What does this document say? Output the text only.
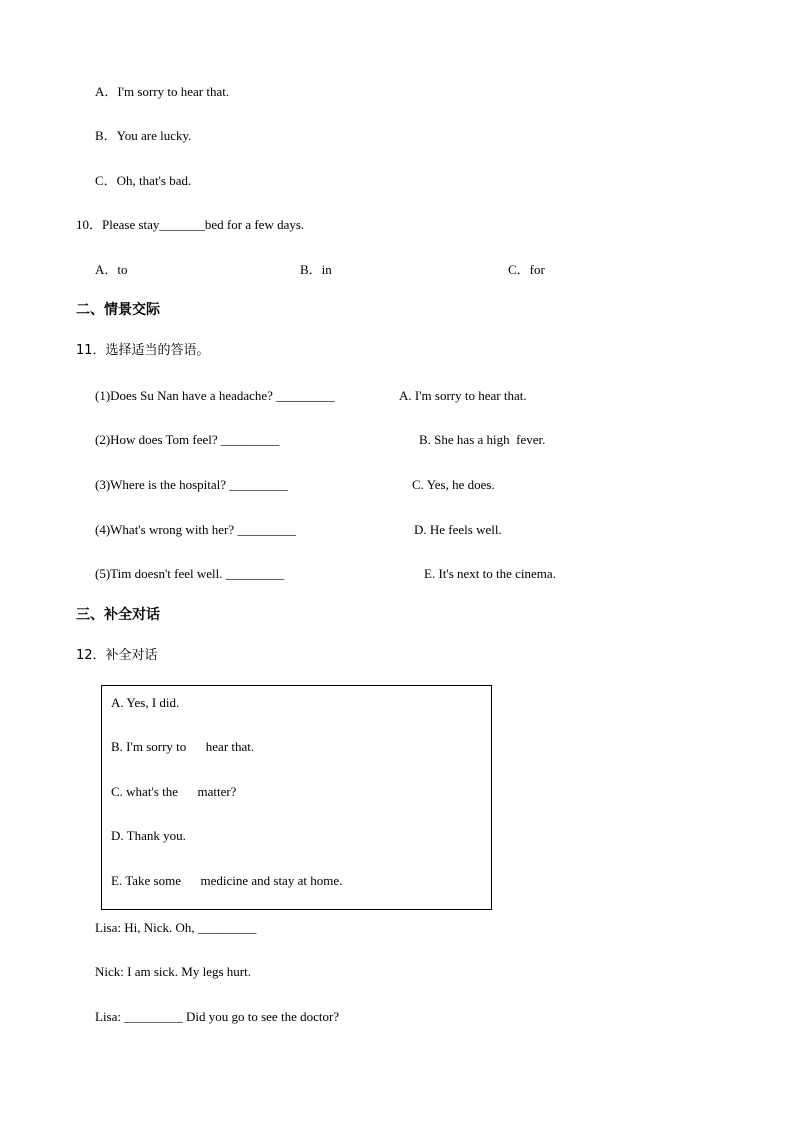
A．I'm sorry to hear that.
B．You are lucky.
C．Oh, that's bad.
10．Please stay_______bed for a few days.
A．to	B．in	C．for
二、情景交际
11．选择适当的答语。
(1)Does Su Nan have a headache? _________	A. I'm sorry to hear that.
(2)How does Tom feel? _________	B. She has a high  fever.
(3)Where is the hospital? _________	C. Yes, he does.
(4)What's wrong with her? _________	D. He feels well.
(5)Tim doesn't feel well. _________	E. It's next to the cinema.
三、补全对话
12．补全对话
A. Yes, I did.
B. I'm sorry to      hear that.
C. what's the      matter?
D. Thank you.
E. Take some      medicine and stay at home.
Lisa: Hi, Nick. Oh, _________
Nick: I am sick. My legs hurt.
Lisa: _________ Did you go to see the doctor?
